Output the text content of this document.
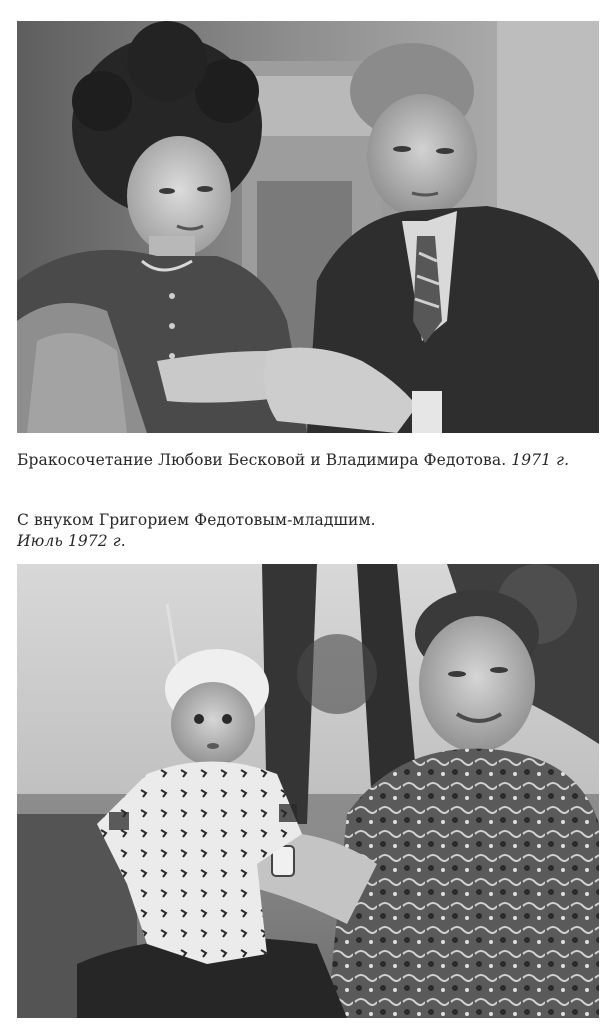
Бракосочетание Любови Бесковой и Владимира Федотова. 1971 г.

С внуком Григорием Федотовым-младшим.
Июль 1972 г.
